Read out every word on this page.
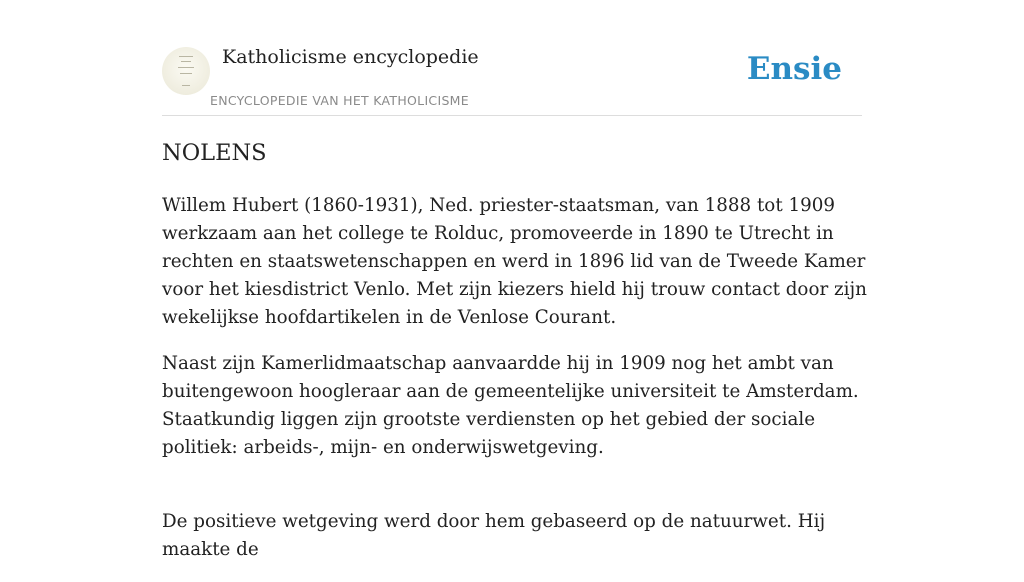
Katholicisme encyclopedie
ENCYCLOPEDIE VAN HET KATHOLICISME
Ensie
NOLENS

Willem Hubert (1860-1931), Ned. priester-staatsman, van 1888 tot 1909 werkzaam aan het college te Rolduc, promoveerde in 1890 te Utrecht in rechten en staatswetenschappen en werd in 1896 lid van de Tweede Kamer voor het kiesdistrict Venlo. Met zijn kiezers hield hij trouw contact door zijn wekelijkse hoofdartikelen in de Venlose Courant.

Naast zijn Kamerlidmaatschap aanvaardde hij in 1909 nog het ambt van buitengewoon hoogleraar aan de gemeentelijke universiteit te Amsterdam. Staatkundig liggen zijn grootste verdiensten op het gebied der sociale politiek: arbeids-, mijn- en onderwijswetgeving.

De positieve wetgeving werd door hem gebaseerd op de natuurwet. Hij maakte de
